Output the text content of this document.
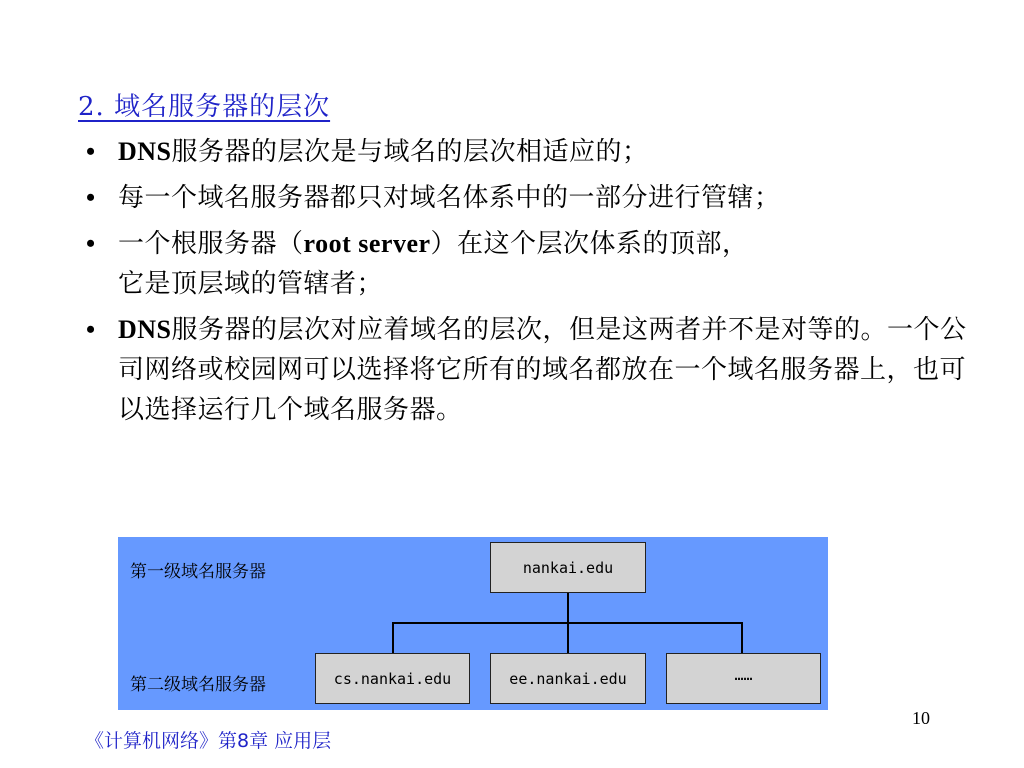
2. 域名服务器的层次
• DNS服务器的层次是与域名的层次相适应的；
• 每一个域名服务器都只对域名体系中的一部分进行管辖；
• 一个根服务器（root server）在这个层次体系的顶部，
它是顶层域的管辖者；
• DNS服务器的层次对应着域名的层次，但是这两者并不是对等的。一个公司网络或校园网可以选择将它所有的域名都放在一个域名服务器上，也可以选择运行几个域名服务器。
第一级域名服务器
第二级域名服务器
nankai.edu
cs.nankai.edu	ee.nankai.edu	……
10
《计算机网络》第8章 应用层
